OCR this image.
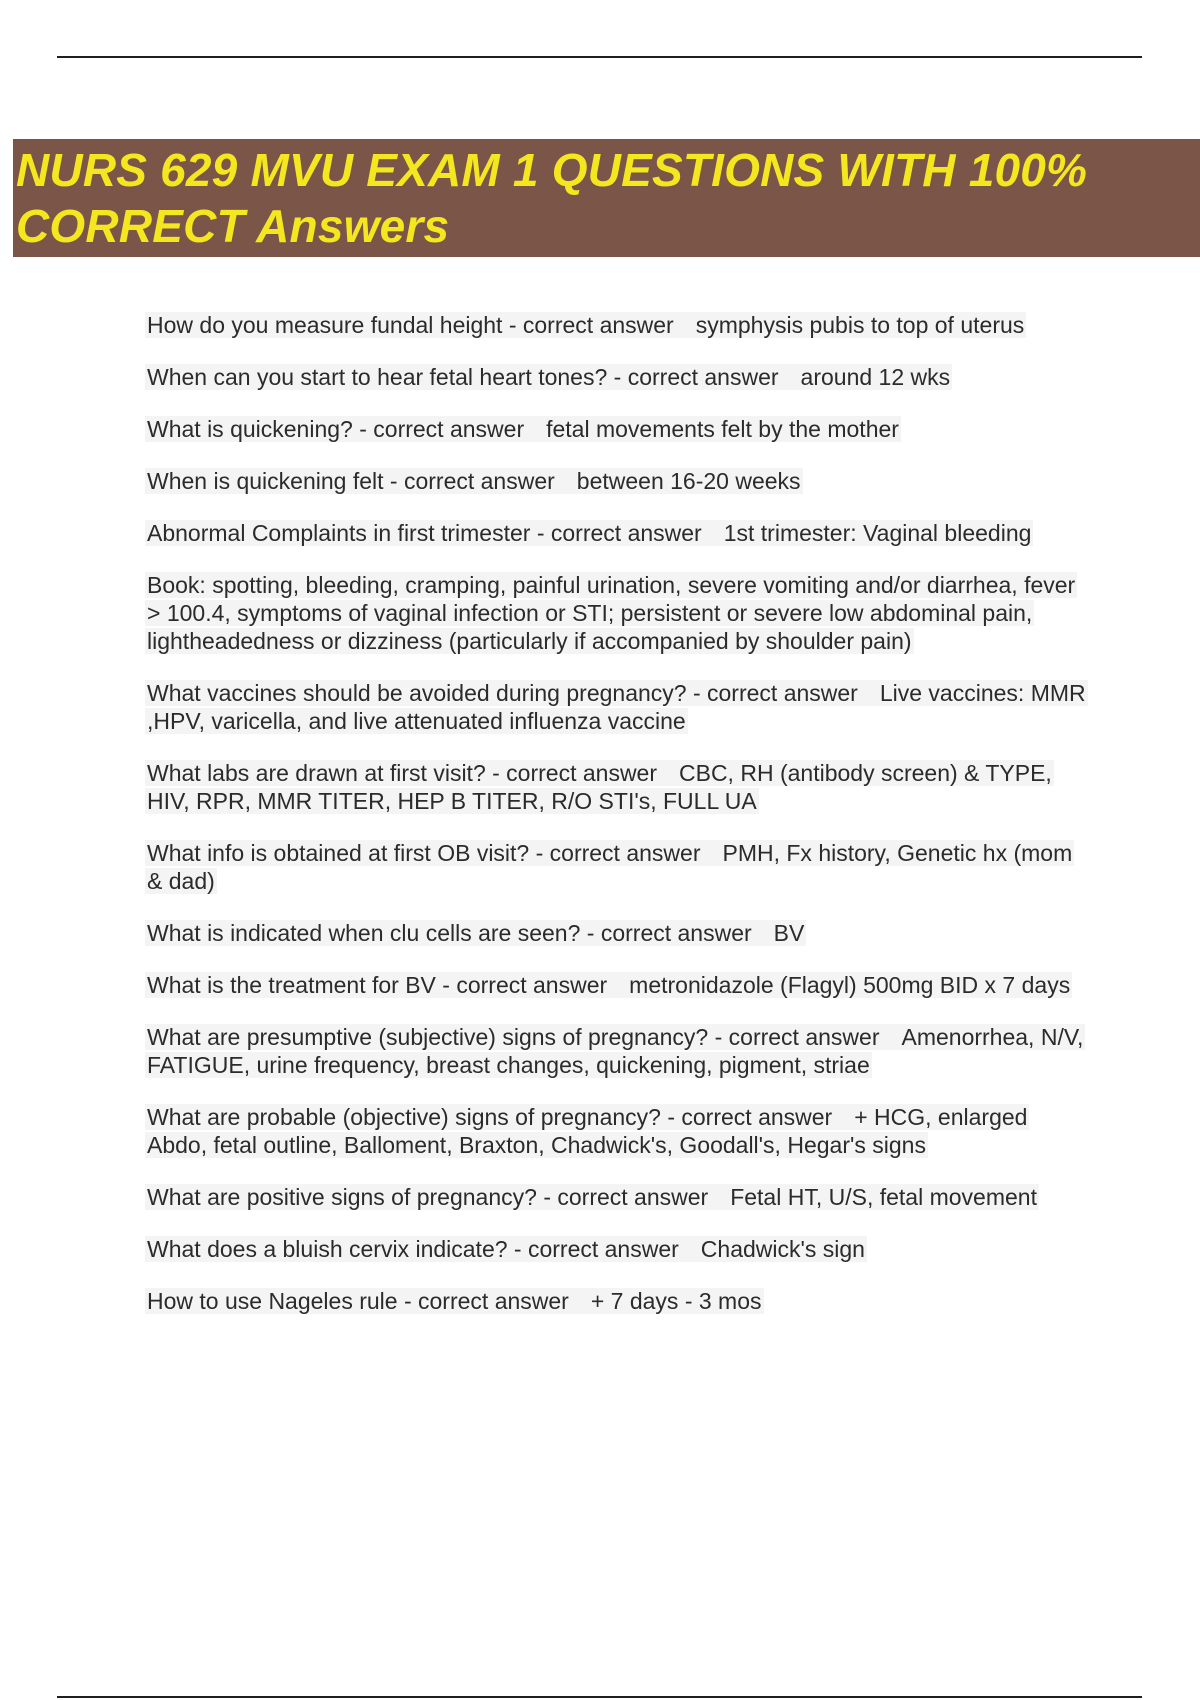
NURS 629 MVU EXAM 1 QUESTIONS WITH 100%
CORRECT Answers
How do you measure fundal height - correct answer symphysis pubis to top of uterus
When can you start to hear fetal heart tones? - correct answer around 12 wks
What is quickening? - correct answer fetal movements felt by the mother
When is quickening felt - correct answer between 16-20 weeks
Abnormal Complaints in first trimester - correct answer 1st trimester: Vaginal bleeding
Book: spotting, bleeding, cramping, painful urination, severe vomiting and/or diarrhea, fever > 100.4, symptoms of vaginal infection or STI; persistent or severe low abdominal pain, lightheadedness or dizziness (particularly if accompanied by shoulder pain)
What vaccines should be avoided during pregnancy? - correct answer Live vaccines: MMR ,HPV, varicella, and live attenuated influenza vaccine
What labs are drawn at first visit? - correct answer CBC, RH (antibody screen) & TYPE, HIV, RPR, MMR TITER, HEP B TITER, R/O STI's, FULL UA
What info is obtained at first OB visit? - correct answer PMH, Fx history, Genetic hx (mom & dad)
What is indicated when clu cells are seen? - correct answer BV
What is the treatment for BV - correct answer metronidazole (Flagyl) 500mg BID x 7 days
What are presumptive (subjective) signs of pregnancy? - correct answer Amenorrhea, N/V, FATIGUE, urine frequency, breast changes, quickening, pigment, striae
What are probable (objective) signs of pregnancy? - correct answer + HCG, enlarged Abdo, fetal outline, Balloment, Braxton, Chadwick's, Goodall's, Hegar's signs
What are positive signs of pregnancy? - correct answer Fetal HT, U/S, fetal movement
What does a bluish cervix indicate? - correct answer Chadwick's sign
How to use Nageles rule - correct answer + 7 days - 3 mos
